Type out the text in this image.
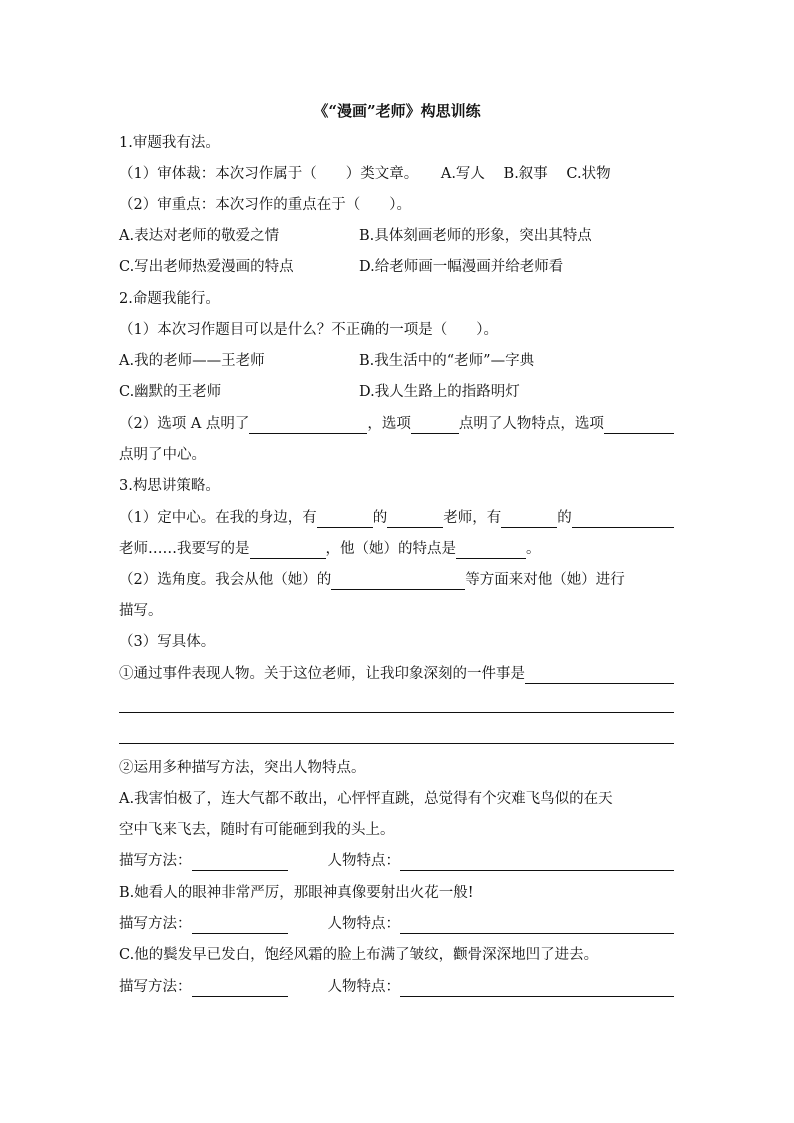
《“漫画”老师》构思训练
1.审题我有法。
（1）审体裁：本次习作属于（　　）类文章。 A.写人 B.叙事 C.状物
（2）审重点：本次习作的重点在于（　　）。
A.表达对老师的敬爱之情	B.具体刻画老师的形象，突出其特点
C.写出老师热爱漫画的特点	D.给老师画一幅漫画并给老师看
2.命题我能行。
（1）本次习作题目可以是什么？不正确的一项是（　　）。
A.我的老师——王老师	B.我生活中的“老师”—字典
C.幽默的王老师	D.我人生路上的指路明灯
（2）选项 A 点明了	，选项	点明了人物特点，选项
点明了中心。
3.构思讲策略。
（1）定中心。在我的身边，有	的	老师，有	的
老师……我要写的是	，他（她）的特点是	。
（2）选角度。我会从他（她）的	等方面来对他（她）进行
描写。
（3）写具体。
①通过事件表现人物。关于这位老师，让我印象深刻的一件事是
②运用多种描写方法，突出人物特点。
A.我害怕极了，连大气都不敢出，心怦怦直跳，总觉得有个灾难飞鸟似的在天
空中飞来飞去，随时有可能砸到我的头上。
描写方法：	人物特点：
B.她看人的眼神非常严厉，那眼神真像要射出火花一般!
描写方法：	人物特点：
C.他的鬓发早已发白，饱经风霜的脸上布满了皱纹，颧骨深深地凹了进去。
描写方法：	人物特点：
